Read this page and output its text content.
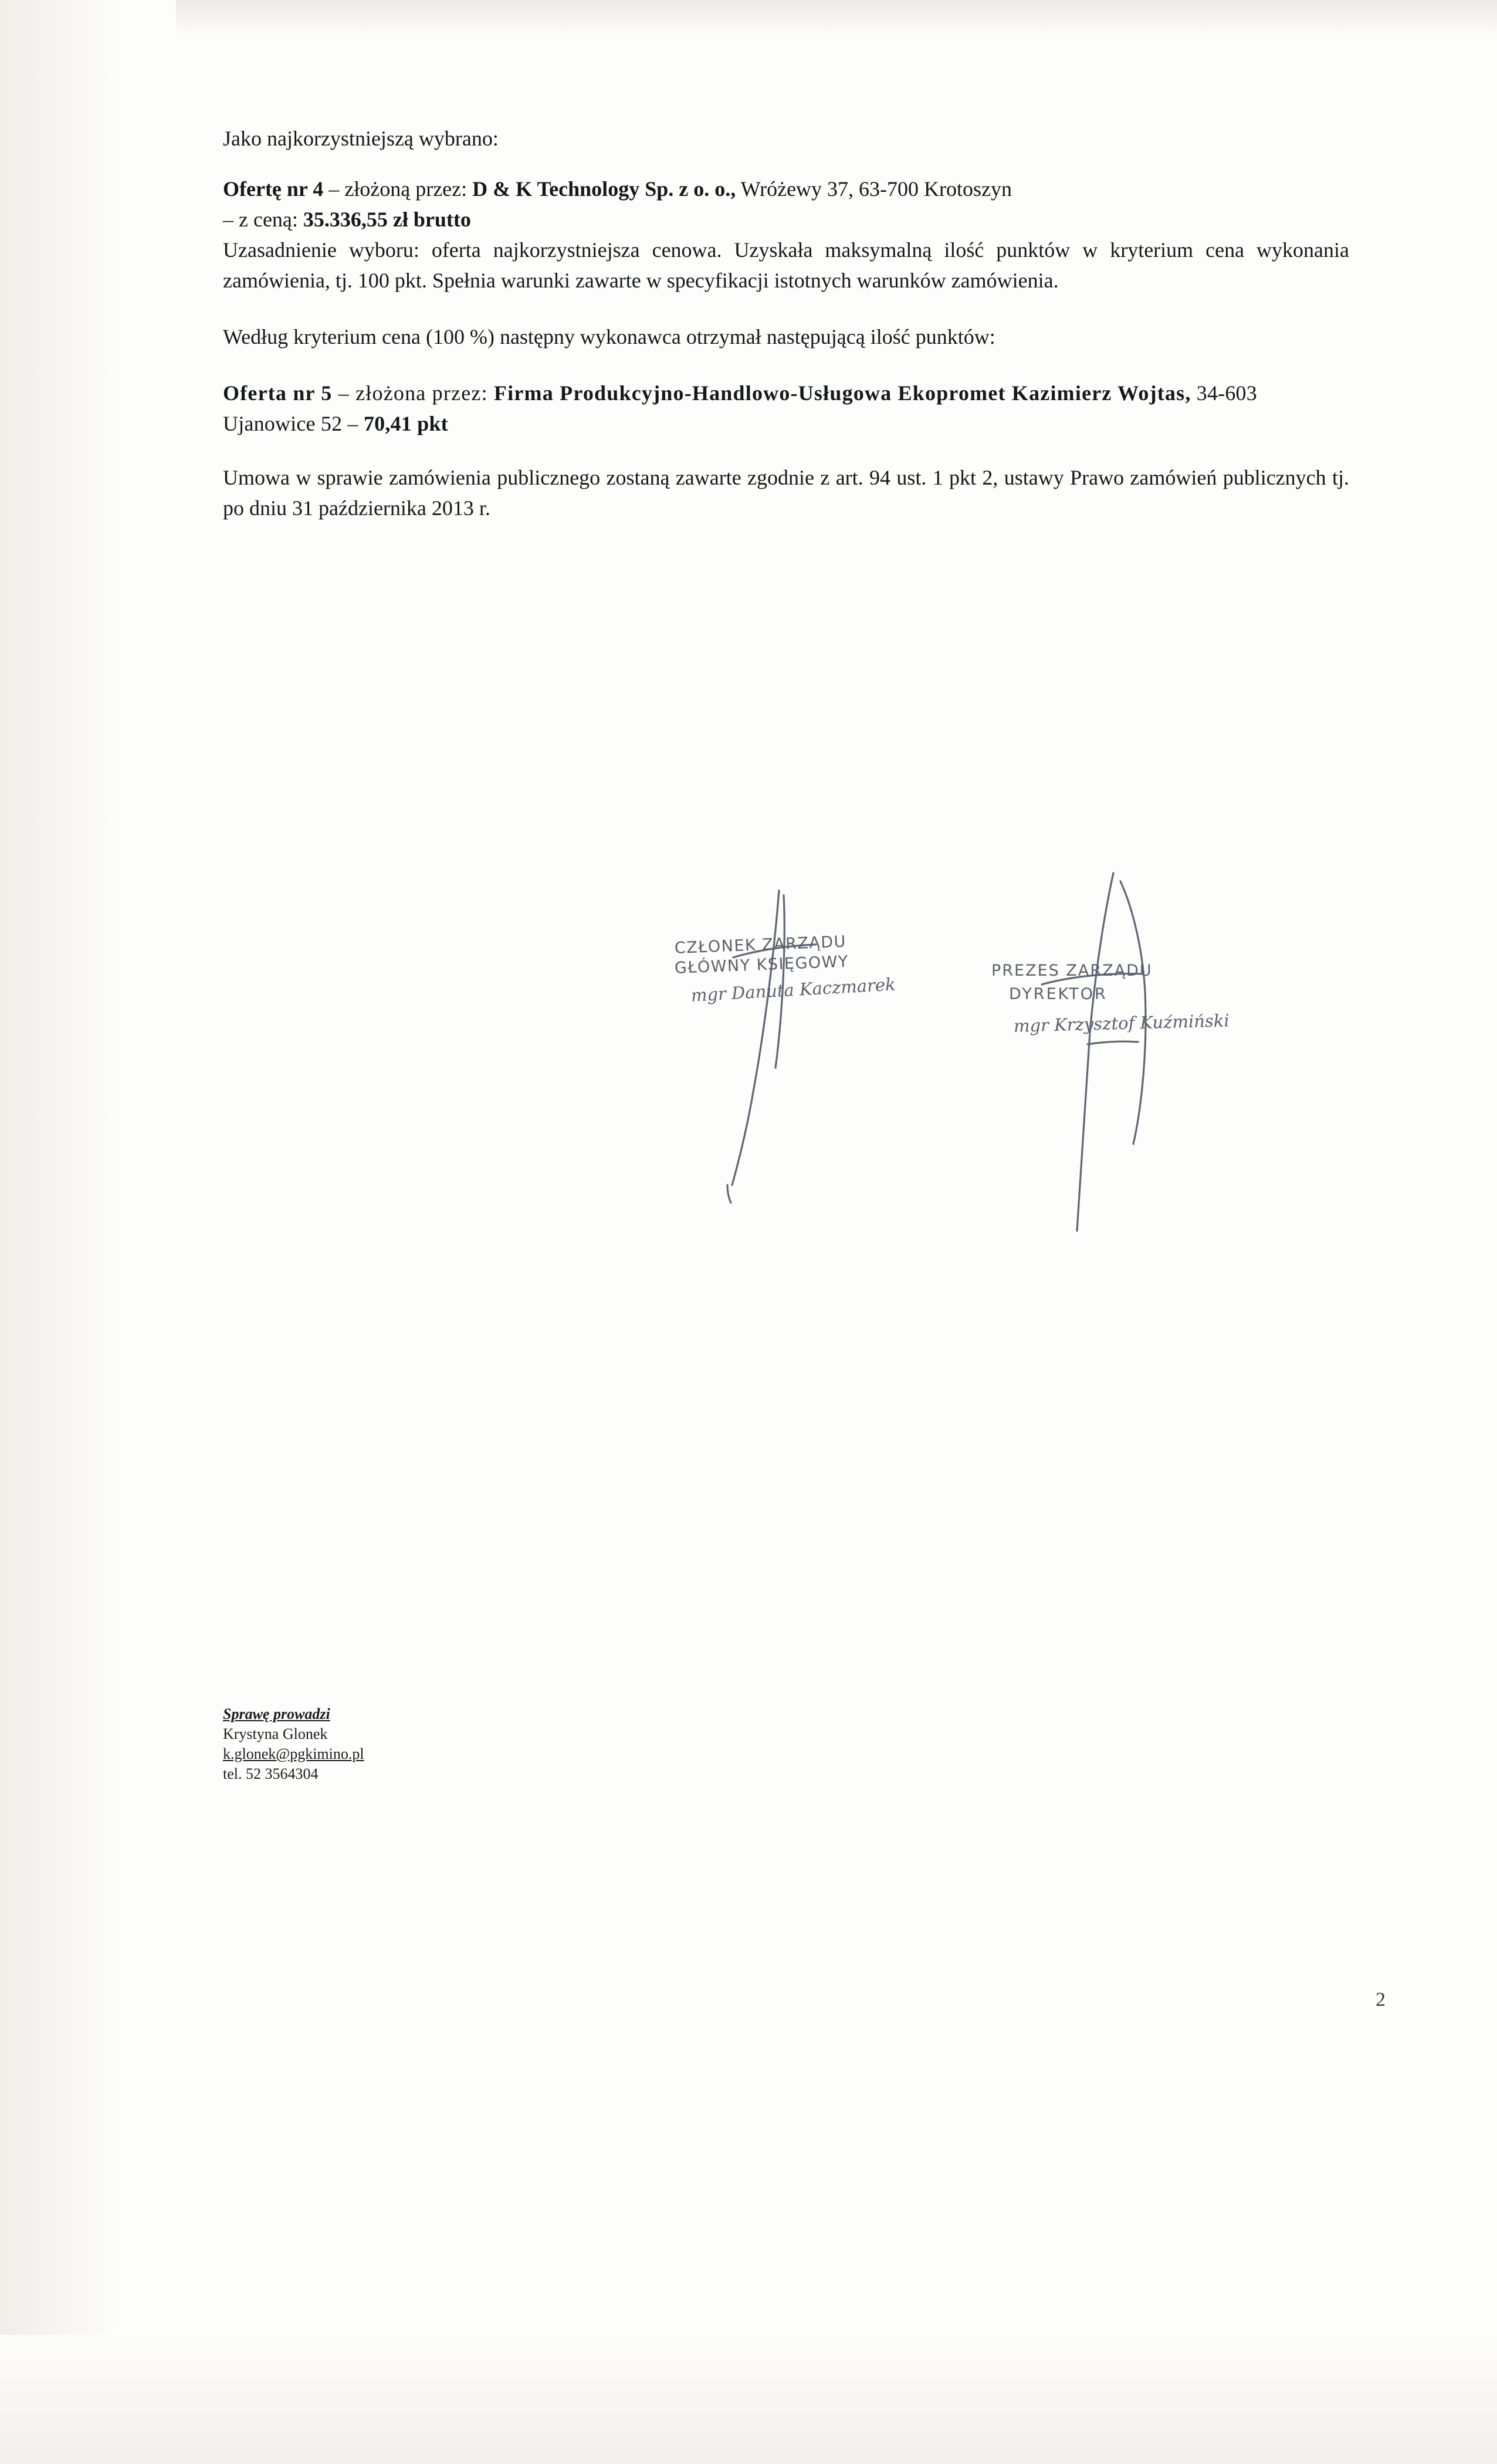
Jako najkorzystniejszą wybrano:

Ofertę nr 4 – złożoną przez: D & K Technology Sp. z o. o., Wróżewy 37, 63-700 Krotoszyn
– z ceną: 35.336,55 zł brutto

Uzasadnienie wyboru: oferta najkorzystniejsza cenowa. Uzyskała maksymalną ilość punktów w kryterium cena wykonania zamówienia, tj. 100 pkt. Spełnia warunki zawarte w specyfikacji istotnych warunków zamówienia.

Według kryterium cena (100 %) następny wykonawca otrzymał następującą ilość punktów:

Oferta nr 5 – złożona przez: Firma Produkcyjno-Handlowo-Usługowa Ekopromet Kazimierz Wojtas, 34-603 Ujanowice 52 – 70,41 pkt

Umowa w sprawie zamówienia publicznego zostaną zawarte zgodnie z art. 94 ust. 1 pkt 2, ustawy Prawo zamówień publicznych tj. po dniu 31 października 2013 r.

CZŁONEK ZARZĄDU
GŁÓWNY KSIĘGOWY
mgr Danuta Kaczmarek
PREZES ZARZĄDU
DYREKTOR
mgr Krzysztof Kuźmiński
Sprawę prowadzi
Krystyna Glonek
k.glonek@pgkimino.pl
tel. 52 3564304
2
